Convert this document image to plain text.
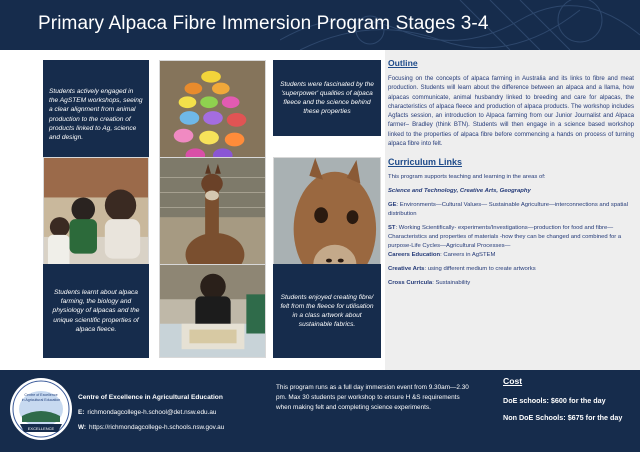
Primary Alpaca Fibre Immersion Program Stages 3-4

Students actively engaged in the AgSTEM workshops, seeing a clear alignment from animal production to the creation of products linked to Ag, science and design.

Students were fascinated by the 'superpower' qualities of alpaca fleece and the science behind these properties

Students learnt about alpaca farming, the biology and physiology of alpacas and the unique scientific properties of alpaca fleece.

Students enjoyed creating fibre/ felt from the fleece for utilisation in a class artwork about sustainable fabrics.

Outline

Focusing on the concepts of alpaca farming in Australia and its links to fibre and meat production. Students will learn about the difference between an alpaca and a llama, how alpacas communicate, animal husbandry linked to breeding and care for alpacas, the characteristics of alpaca fleece and production of alpaca products. The workshop includes Agfacts session, an introduction to Alpaca farming from our Junior Journalist and Alpaca farmer– Bradley (think BTN). Students will then engage in a science based workshop linked to the properties of alpaca fibre before commencing a hands on process of turning alpaca fibre into felt.

Curriculum Links

This program supports teaching and learning in the areas of:

Science and Technology, Creative Arts, Geography

GE: Environments—Cultural Values— Sustainable Agriculture—interconnections and spatial distribution

ST: Working Scientifically- experiments/Investigations—production for food and fibre—Characteristics and properties of materials -how they can be changed and combined for a purpose-Life Cycles—Agricultural Processes—
Careers Education: Careers in AgSTEM

Creative Arts: using different medium to create artworks

Cross Curricula: Sustainability

Centre of Excellence
in Agricultural Education
EXCELLENCE
Centre of Excellence in Agricultural Education
E: richmondagcollege-h.school@det.nsw.edu.au
W: https://richmondagcollege-h.schools.nsw.gov.au

This program runs as a full day immersion event from 9.30am—2.30 pm. Max 30 students per workshop to ensure H &S requirements when making felt and completing science experiments.

Cost
DoE schools: $600 for the day
Non DoE Schools: $675 for the day
